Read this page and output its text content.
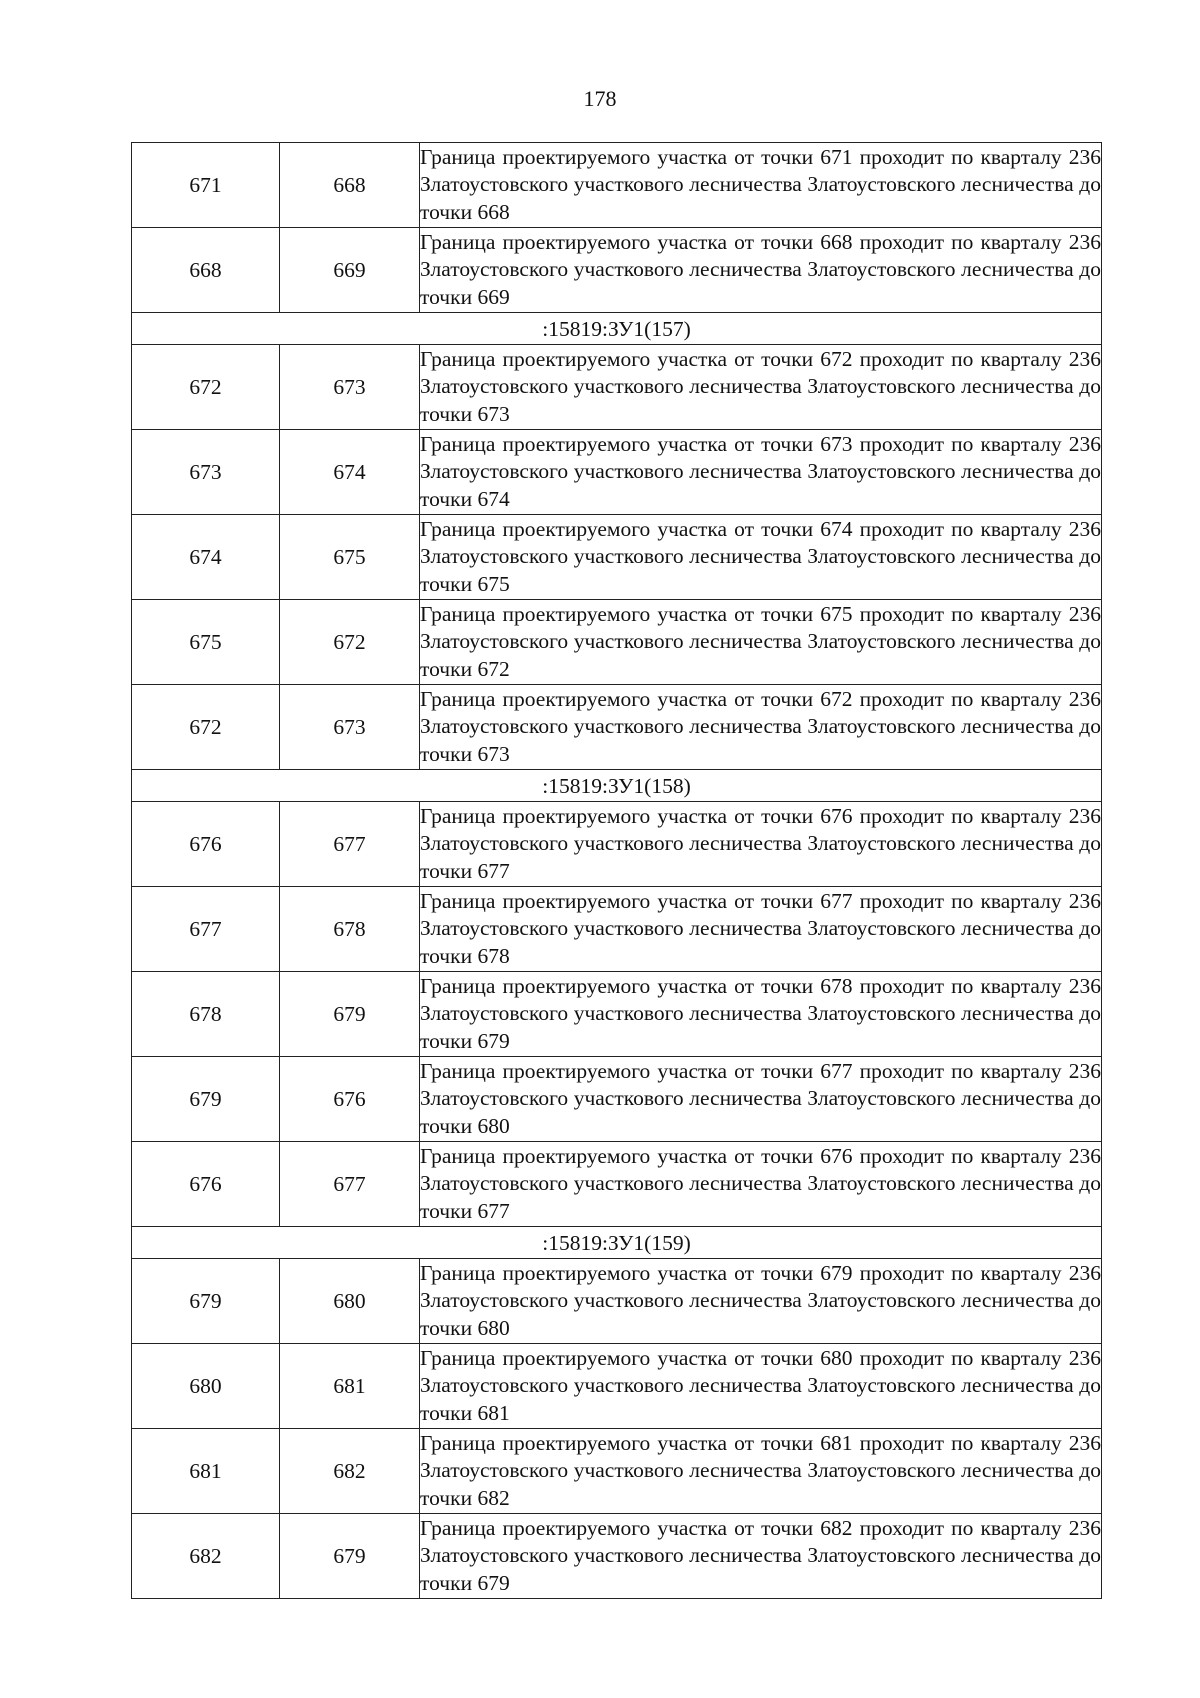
178
671	668	Граница проектируемого участка от точки 671 проходит по кварталу 236 Златоустовского участкового лесничества Златоустовского лесничества до точки 668
668	669	Граница проектируемого участка от точки 668 проходит по кварталу 236 Златоустовского участкового лесничества Златоустовского лесничества до точки 669
:15819:ЗУ1(157)		
672	673	Граница проектируемого участка от точки 672 проходит по кварталу 236 Златоустовского участкового лесничества Златоустовского лесничества до точки 673
673	674	Граница проектируемого участка от точки 673 проходит по кварталу 236 Златоустовского участкового лесничества Златоустовского лесничества до точки 674
674	675	Граница проектируемого участка от точки 674 проходит по кварталу 236 Златоустовского участкового лесничества Златоустовского лесничества до точки 675
675	672	Граница проектируемого участка от точки 675 проходит по кварталу 236 Златоустовского участкового лесничества Златоустовского лесничества до точки 672
672	673	Граница проектируемого участка от точки 672 проходит по кварталу 236 Златоустовского участкового лесничества Златоустовского лесничества до точки 673
:15819:ЗУ1(158)		
676	677	Граница проектируемого участка от точки 676 проходит по кварталу 236 Златоустовского участкового лесничества Златоустовского лесничества до точки 677
677	678	Граница проектируемого участка от точки 677 проходит по кварталу 236 Златоустовского участкового лесничества Златоустовского лесничества до точки 678
678	679	Граница проектируемого участка от точки 678 проходит по кварталу 236 Златоустовского участкового лесничества Златоустовского лесничества до точки 679
679	676	Граница проектируемого участка от точки 677 проходит по кварталу 236 Златоустовского участкового лесничества Златоустовского лесничества до точки 680
676	677	Граница проектируемого участка от точки 676 проходит по кварталу 236 Златоустовского участкового лесничества Златоустовского лесничества до точки 677
:15819:ЗУ1(159)		
679	680	Граница проектируемого участка от точки 679 проходит по кварталу 236 Златоустовского участкового лесничества Златоустовского лесничества до точки 680
680	681	Граница проектируемого участка от точки 680 проходит по кварталу 236 Златоустовского участкового лесничества Златоустовского лесничества до точки 681
681	682	Граница проектируемого участка от точки 681 проходит по кварталу 236 Златоустовского участкового лесничества Златоустовского лесничества до точки 682
682	679	Граница проектируемого участка от точки 682 проходит по кварталу 236 Златоустовского участкового лесничества Златоустовского лесничества до точки 679
